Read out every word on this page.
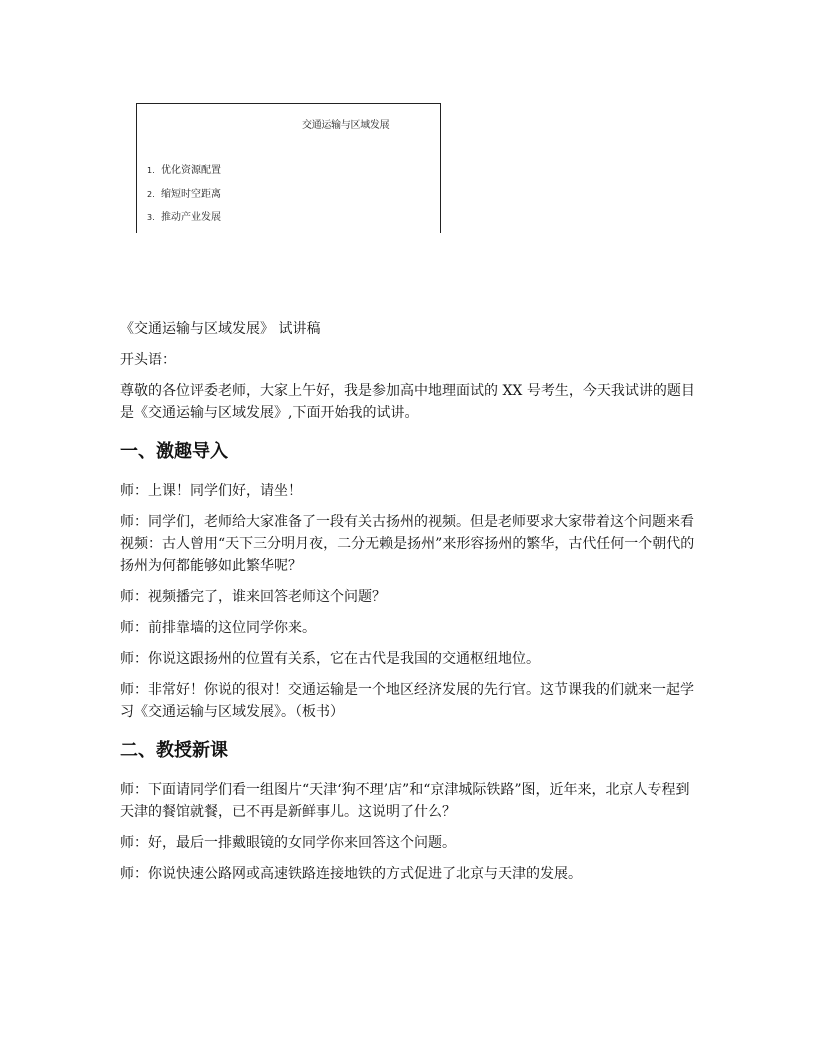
交通运输与区域发展
1. 优化资源配置
2. 缩短时空距离
3. 推动产业发展

《交通运输与区域发展》 试讲稿

开头语：

尊敬的各位评委老师，大家上午好，我是参加高中地理面试的 XX 号考生，今天我试讲的题目是《交通运输与区域发展》,下面开始我的试讲。

一、激趣导入

师：上课！同学们好，请坐！

师：同学们，老师给大家准备了一段有关古扬州的视频。但是老师要求大家带着这个问题来看视频：古人曾用“天下三分明月夜，二分无赖是扬州”来形容扬州的繁华，古代任何一个朝代的扬州为何都能够如此繁华呢？

师：视频播完了，谁来回答老师这个问题？

师：前排靠墙的这位同学你来。

师：你说这跟扬州的位置有关系，它在古代是我国的交通枢纽地位。

师：非常好！你说的很对！交通运输是一个地区经济发展的先行官。这节课我的们就来一起学习《交通运输与区域发展》。（板书）

二、教授新课

师：下面请同学们看一组图片“天津‘狗不理’店”和“京津城际铁路”图，近年来，北京人专程到天津的餐馆就餐，已不再是新鲜事儿。这说明了什么？

师：好，最后一排戴眼镜的女同学你来回答这个问题。

师：你说快速公路网或高速铁路连接地铁的方式促进了北京与天津的发展。
